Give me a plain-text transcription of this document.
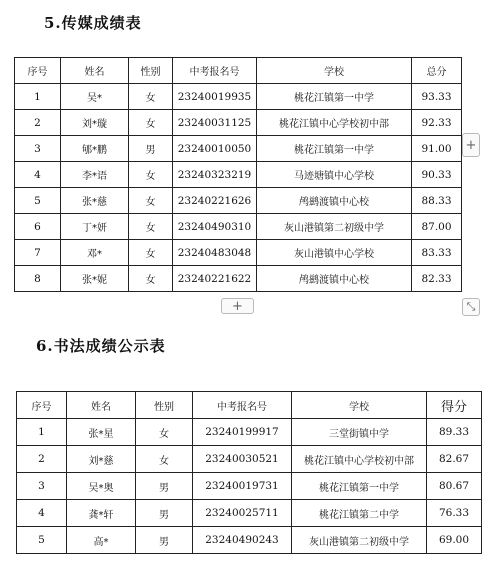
5.传媒成绩表
序号	姓名	性别	中考报名号	学校	总分
1	吴*	女	23240019935	桃花江镇第一中学	93.33
2	刘*璇	女	23240031125	桃花江镇中心学校初中部	92.33
3	郇*鹏	男	23240010050	桃花江镇第一中学	91.00
4	李*语	女	23240323219	马迹塘镇中心学校	90.33
5	张*慈	女	23240221626	鸬鹚渡镇中心校	88.33
6	丁*妍	女	23240490310	灰山港镇第二初级中学	87.00
7	邓*	女	23240483048	灰山港镇中心学校	83.33
8	张*妮	女	23240221622	鸬鹚渡镇中心校	82.33
+
+	⤡
6.书法成绩公示表
序号	姓名	性别	中考报名号	学校	得分
1	张*星	女	23240199917	三堂街镇中学	89.33
2	刘*慈	女	23240030521	桃花江镇中心学校初中部	82.67
3	吴*奥	男	23240019731	桃花江镇第一中学	80.67
4	龚*轩	男	23240025711	桃花江镇第二中学	76.33
5	高*	男	23240490243	灰山港镇第二初级中学	69.00
